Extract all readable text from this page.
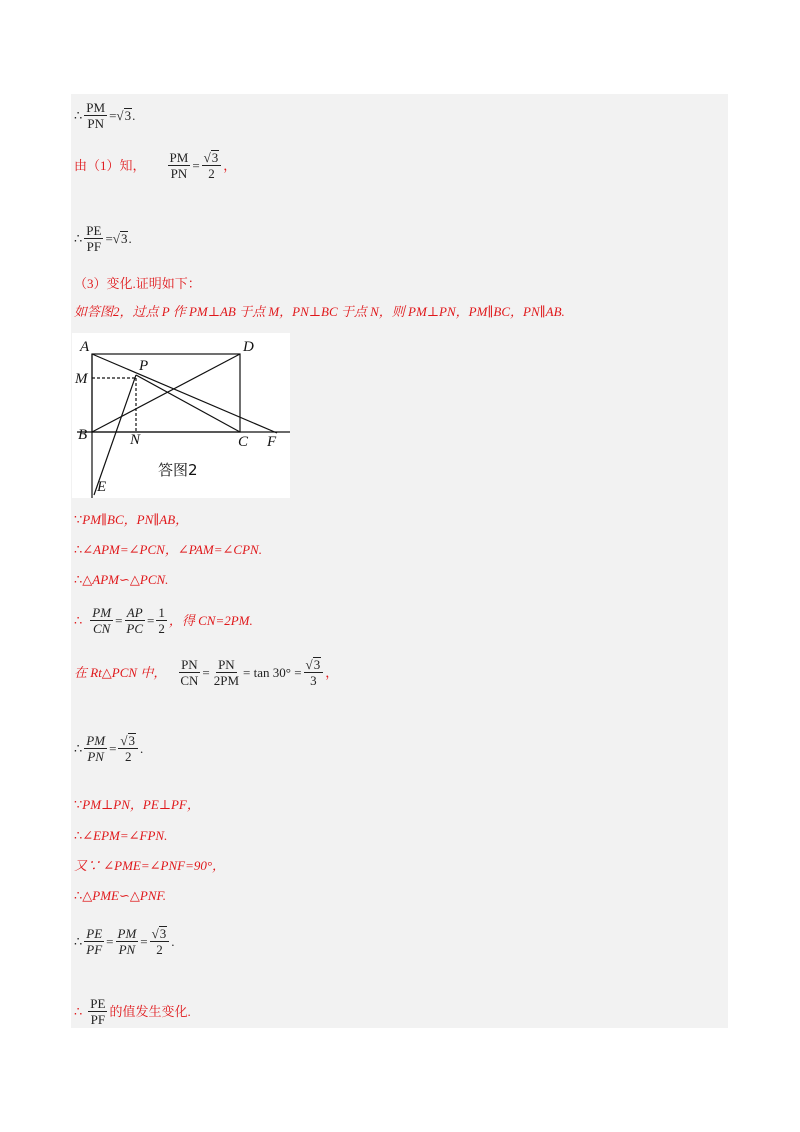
∴ $\frac{PM}{PN} = √3$ .
由（1）知， $\frac{PM}{PN} = \frac{√3}{2}$ ，
∴ $\frac{PE}{PF} = √3$ .
（3）变化.证明如下：
如答图2，过点 P 作 PM⊥AB 于点 M，PN⊥BC 于点 N，则 PM⊥PN，PM∥BC，PN∥AB.
A	D
M
P
B	N	C F
E
答图2
∵ PM∥BC，PN∥AB，
∴ ∠APM=∠PCN，∠PAM=∠CPN.
∴ △APM∽△PCN.
∴ $\frac{PM}{CN} = \frac{AP}{PC} = \frac{1}{2}$ ，得 CN=2PM.
在 Rt△PCN 中， $\frac{PN}{CN} = \frac{PN}{2PM} = \tan 30^\circ = \frac{√3}{3}$ ，
∴ $\frac{PM}{PN} = \frac{√3}{2}$ .
∵ PM⊥PN，PE⊥PF，
∴ ∠EPM=∠FPN.
又∵ ∠PME=∠PNF=90°，
∴ △PME∽△PNF.
∴ $\frac{PE}{PF} = \frac{PM}{PN} = \frac{√3}{2}$ .
∴ $\frac{PE}{PF}$ 的值发生变化.
